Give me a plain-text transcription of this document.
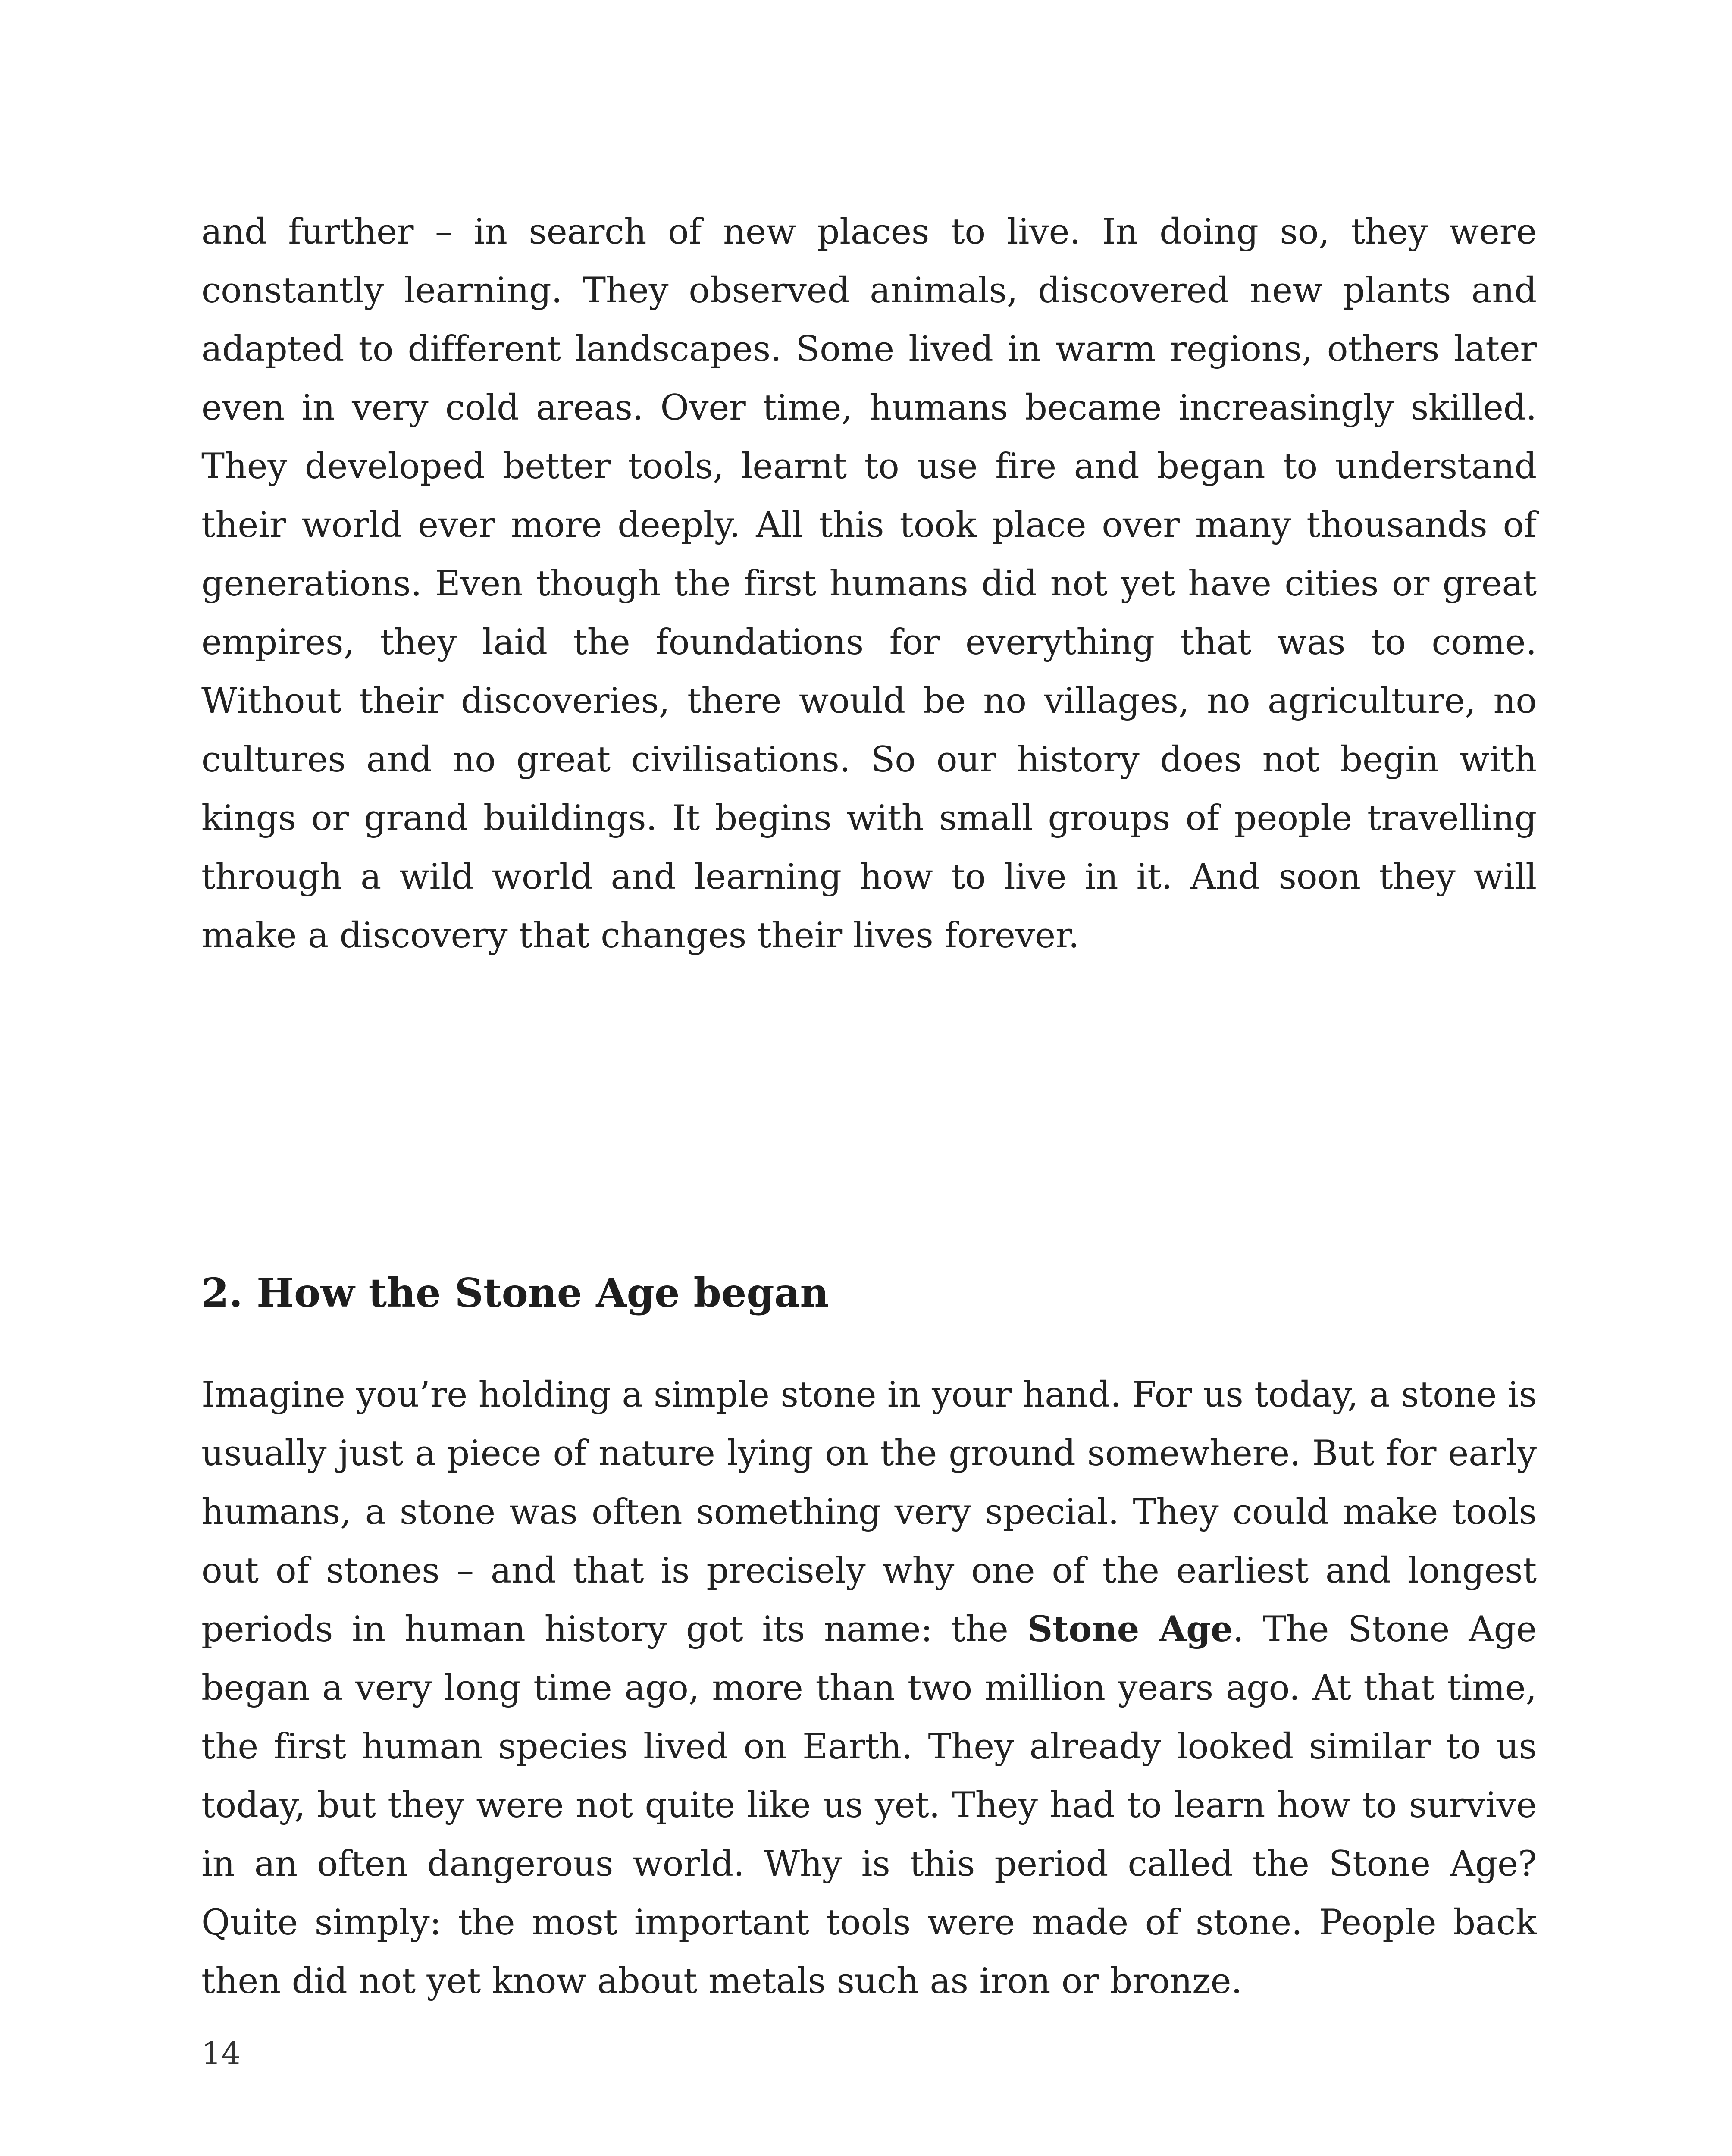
and further – in search of new places to live. In doing so, they were constantly learning. They observed animals, discovered new plants and adapted to different landscapes. Some lived in warm regions, others later even in very cold areas. Over time, humans became increasingly skilled. They developed better tools, learnt to use fire and began to understand their world ever more deeply. All this took place over many thousands of generations. Even though the first humans did not yet have cities or great empires, they laid the foundations for everything that was to come. Without their discoveries, there would be no villages, no agriculture, no cultures and no great civilisations. So our history does not begin with kings or grand buildings. It begins with small groups of people travelling through a wild world and learning how to live in it. And soon they will make a discovery that changes their lives forever.

2. How the Stone Age began

Imagine you’re holding a simple stone in your hand. For us today, a stone is usually just a piece of nature lying on the ground somewhere. But for early humans, a stone was often something very special. They could make tools out of stones – and that is precisely why one of the earliest and longest periods in human history got its name: the Stone Age. The Stone Age began a very long time ago, more than two million years ago. At that time, the first human species lived on Earth. They already looked similar to us today, but they were not quite like us yet. They had to learn how to survive in an often dangerous world. Why is this period called the Stone Age? Quite simply: the most important tools were made of stone. People back then did not yet know about metals such as iron or bronze.

14
